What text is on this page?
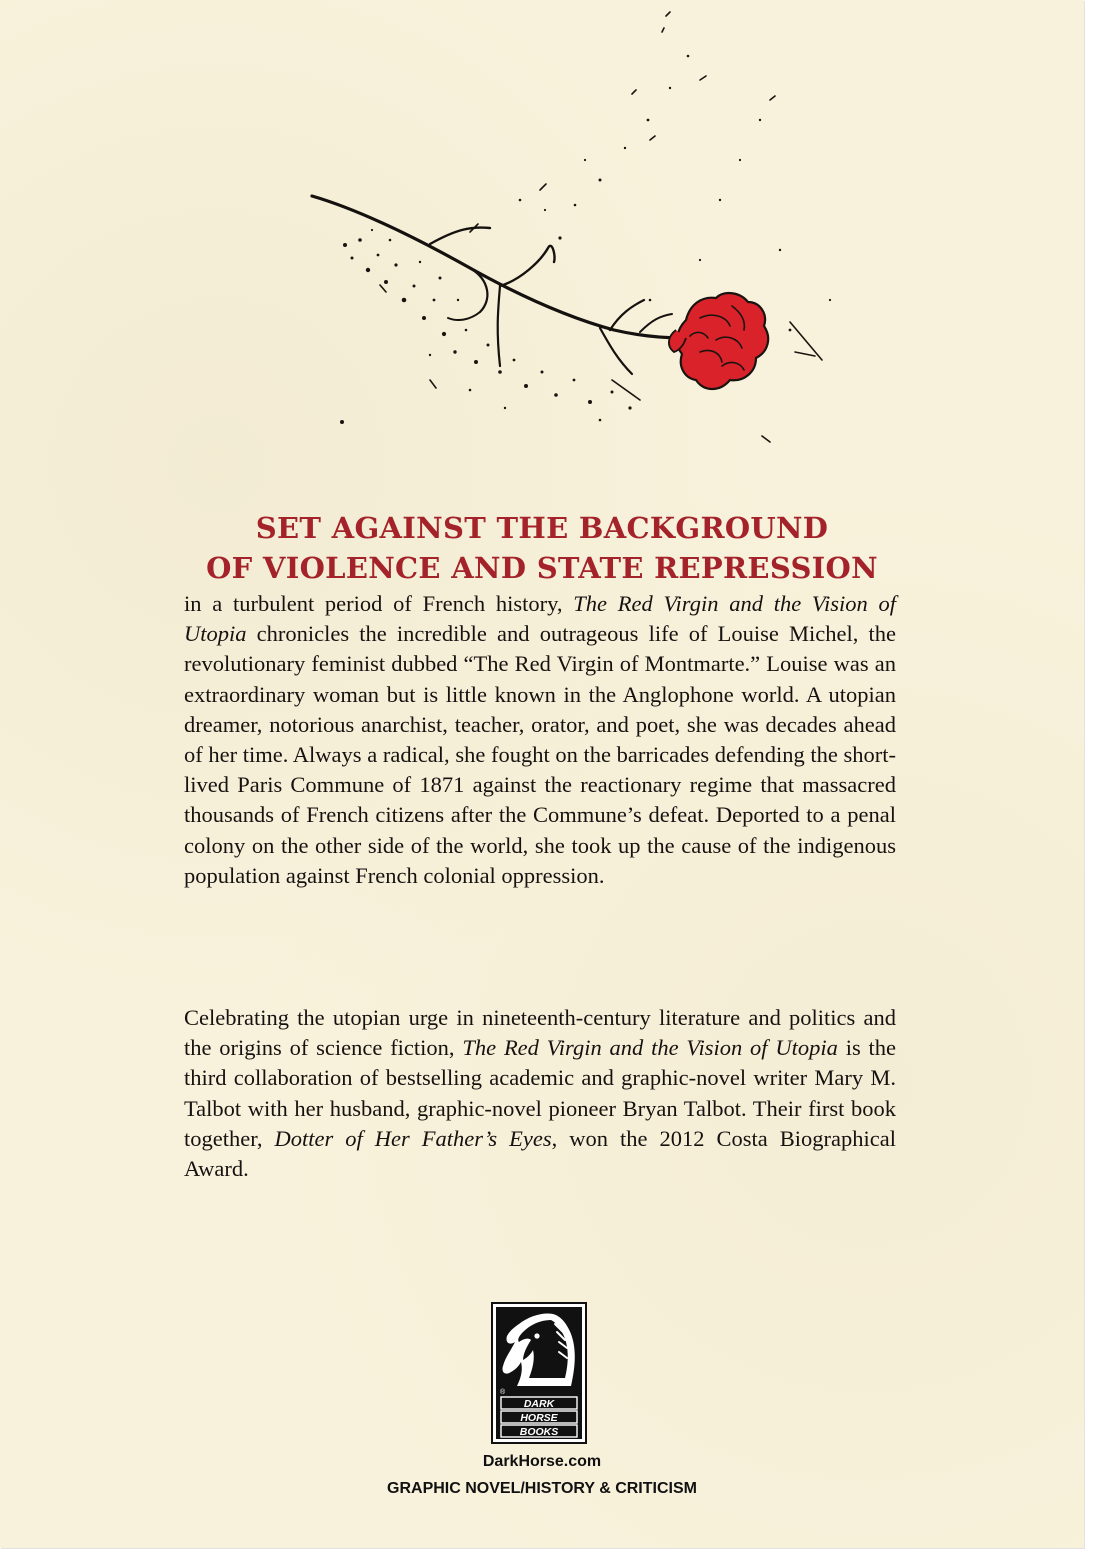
SET AGAINST THE BACKGROUND
OF VIOLENCE AND STATE REPRESSION

in a turbulent period of French history, The Red Virgin and the Vision of Utopia chronicles the incredible and outrageous life of Louise Michel, the revolutionary feminist dubbed “The Red Virgin of Montmarte.” Louise was an extraordinary woman but is little known in the Anglophone world. A utopian dreamer, notorious anarchist, teacher, orator, and poet, she was decades ahead of her time. Always a radical, she fought on the barricades defending the short-lived Paris Commune of 1871 against the reactionary regime that massacred thousands of French citizens after the Commune’s defeat. Deported to a penal colony on the other side of the world, she took up the cause of the indigenous population against French colonial oppression.

Celebrating the utopian urge in nineteenth-century literature and politics and the origins of science fiction, The Red Virgin and the Vision of Utopia is the third collaboration of bestselling academic and graphic-novel writer Mary M. Talbot with her husband, graphic-novel pioneer Bryan Talbot. Their first book together, Dotter of Her Father’s Eyes, won the 2012 Costa Biographical Award.

®
DARK
HORSE
BOOKS
DarkHorse.com
GRAPHIC NOVEL/HISTORY & CRITICISM
